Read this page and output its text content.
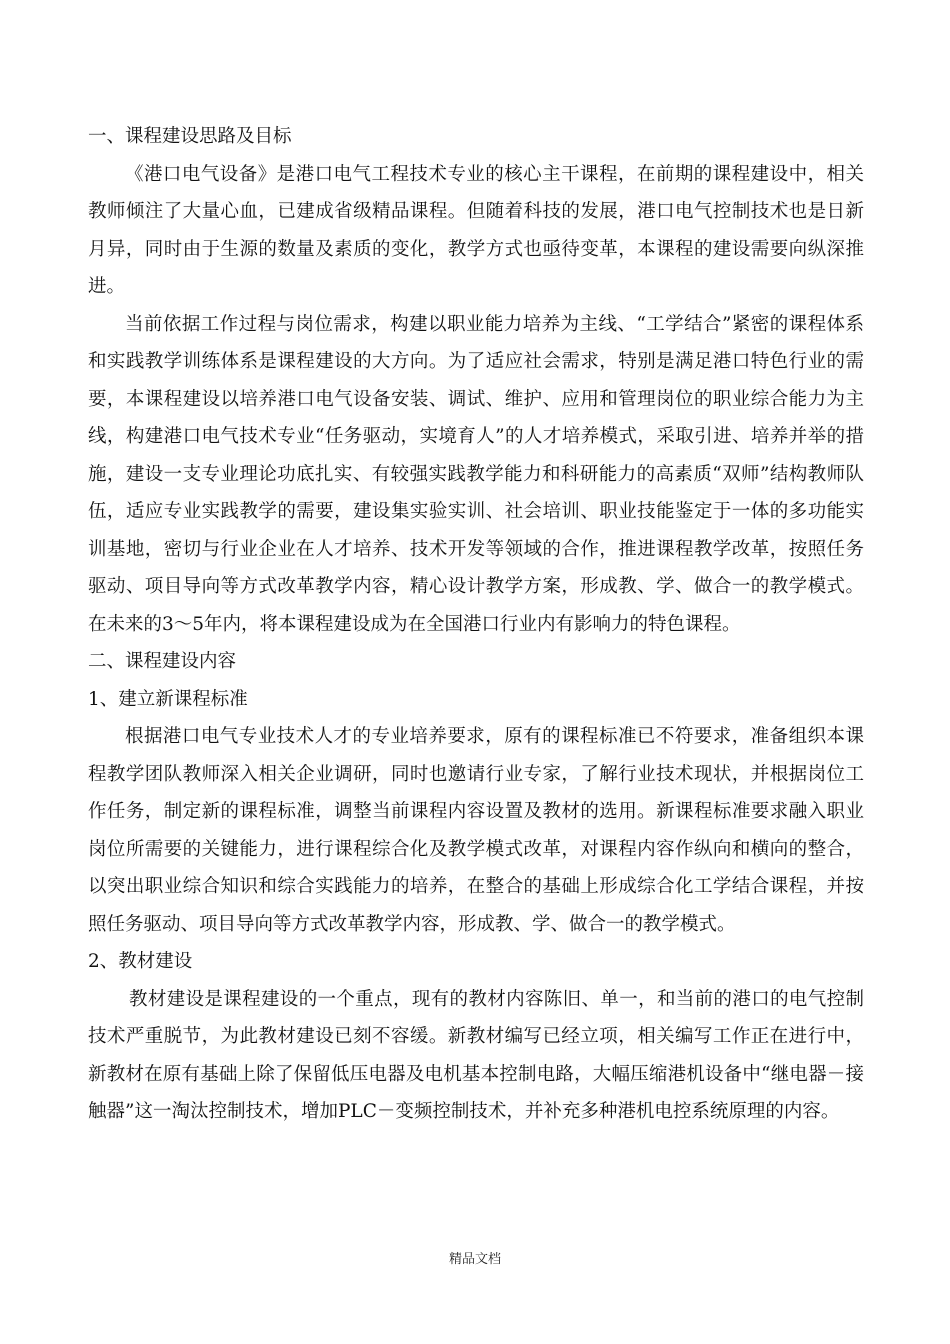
一、课程建设思路及目标

《港口电气设备》是港口电气工程技术专业的核心主干课程，在前期的课程建设中，相关教师倾注了大量心血，已建成省级精品课程。但随着科技的发展，港口电气控制技术也是日新月异，同时由于生源的数量及素质的变化，教学方式也亟待变革，本课程的建设需要向纵深推进。

当前依据工作过程与岗位需求，构建以职业能力培养为主线、“工学结合”紧密的课程体系和实践教学训练体系是课程建设的大方向。为了适应社会需求，特别是满足港口特色行业的需要，本课程建设以培养港口电气设备安装、调试、维护、应用和管理岗位的职业综合能力为主线，构建港口电气技术专业“任务驱动，实境育人”的人才培养模式，采取引进、培养并举的措施，建设一支专业理论功底扎实、有较强实践教学能力和科研能力的高素质“双师”结构教师队伍，适应专业实践教学的需要，建设集实验实训、社会培训、职业技能鉴定于一体的多功能实训基地，密切与行业企业在人才培养、技术开发等领域的合作，推进课程教学改革，按照任务驱动、项目导向等方式改革教学内容，精心设计教学方案，形成教、学、做合一的教学模式。在未来的3～5年内，将本课程建设成为在全国港口行业内有影响力的特色课程。

二、课程建设内容

1、建立新课程标准

根据港口电气专业技术人才的专业培养要求，原有的课程标准已不符要求，准备组织本课程教学团队教师深入相关企业调研，同时也邀请行业专家，了解行业技术现状，并根据岗位工作任务，制定新的课程标准，调整当前课程内容设置及教材的选用。新课程标准要求融入职业岗位所需要的关键能力，进行课程综合化及教学模式改革，对课程内容作纵向和横向的整合，以突出职业综合知识和综合实践能力的培养，在整合的基础上形成综合化工学结合课程，并按照任务驱动、项目导向等方式改革教学内容，形成教、学、做合一的教学模式。

2、教材建设

教材建设是课程建设的一个重点，现有的教材内容陈旧、单一，和当前的港口的电气控制技术严重脱节，为此教材建设已刻不容缓。新教材编写已经立项，相关编写工作正在进行中，新教材在原有基础上除了保留低压电器及电机基本控制电路，大幅压缩港机设备中“继电器－接触器”这一淘汰控制技术，增加PLC－变频控制技术，并补充多种港机电控系统原理的内容。

精品文档
